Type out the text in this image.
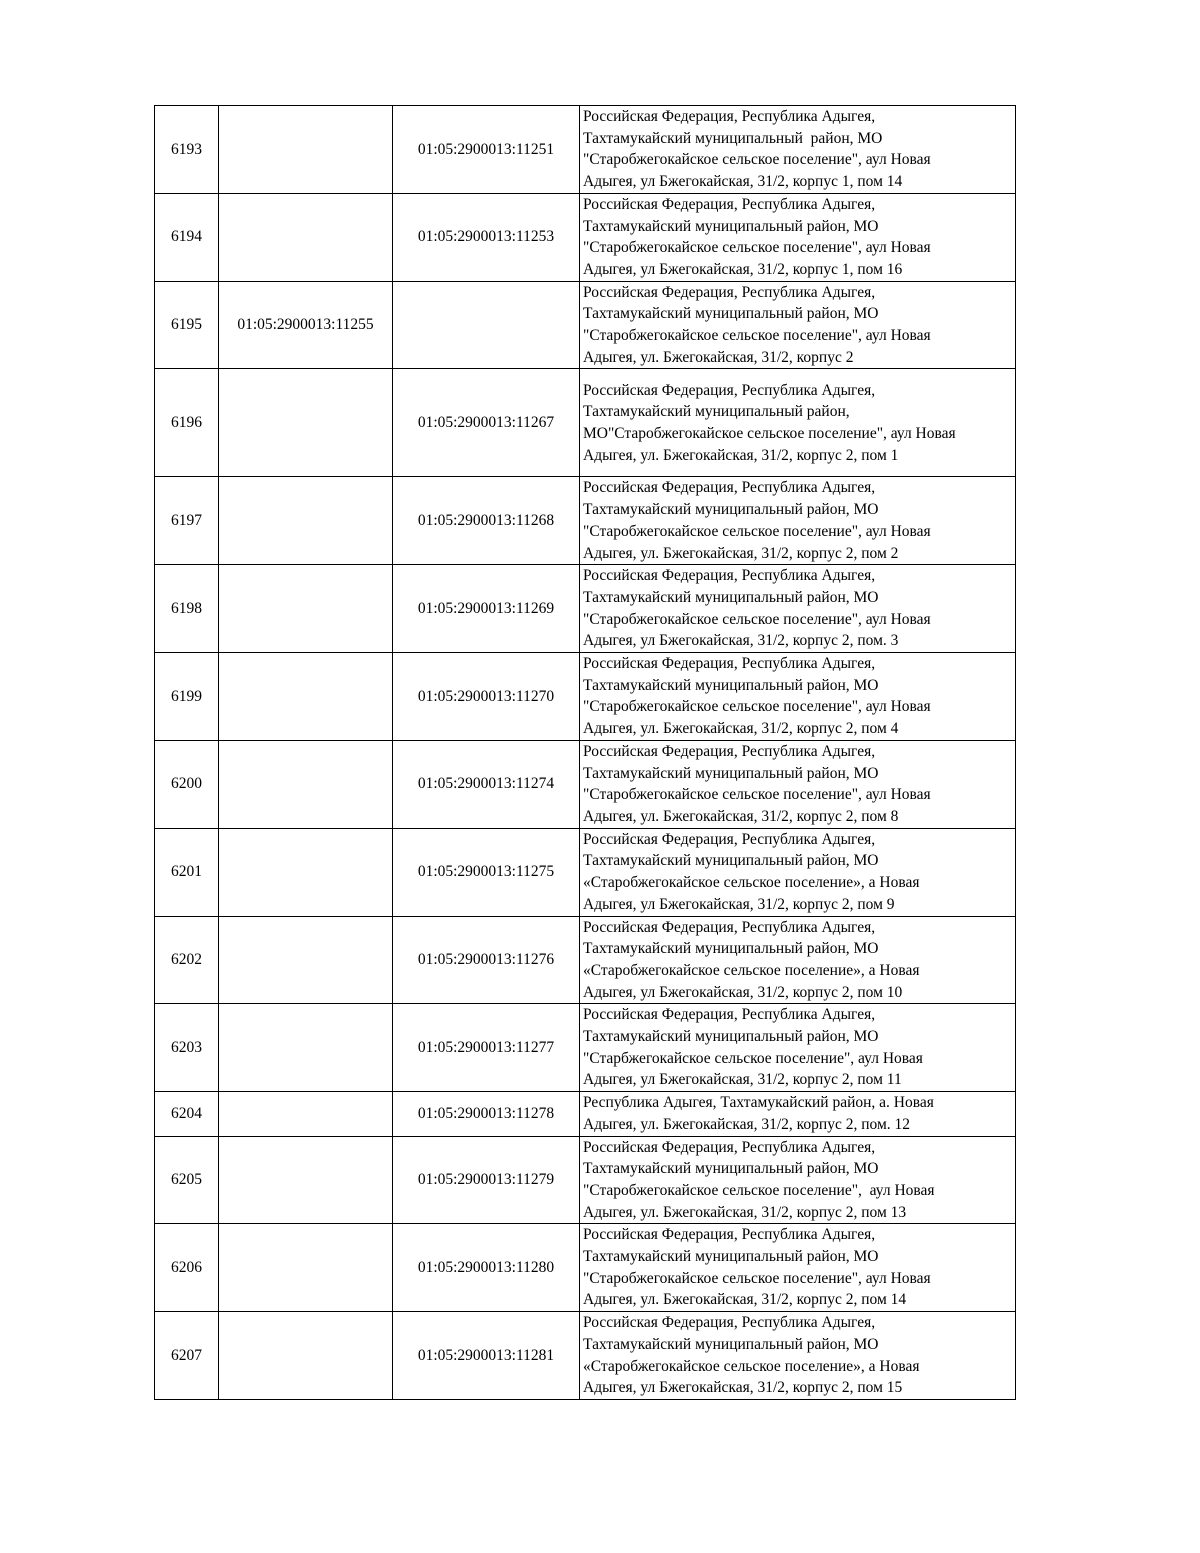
6193		01:05:2900013:11251	Российская Федерация, Республика Адыгея,
Тахтамукайский муниципальный  район, МО
"Старобжегокайское сельское поселение", аул Новая
Адыгея, ул Бжегокайская, 31/2, корпус 1, пом 14

6194		01:05:2900013:11253	Российская Федерация, Республика Адыгея,
Тахтамукайский муниципальный район, МО
"Старобжегокайское сельское поселение", аул Новая
Адыгея, ул Бжегокайская, 31/2, корпус 1, пом 16

6195	01:05:2900013:11255		Российская Федерация, Республика Адыгея,
Тахтамукайский муниципальный район, МО
"Старобжегокайское сельское поселение", аул Новая
Адыгея, ул. Бжегокайская, 31/2, корпус 2

6196		01:05:2900013:11267	Российская Федерация, Республика Адыгея,
Тахтамукайский муниципальный район,
МО"Старобжегокайское сельское поселение", аул Новая
Адыгея, ул. Бжегокайская, 31/2, корпус 2, пом 1

6197		01:05:2900013:11268	Российская Федерация, Республика Адыгея,
Тахтамукайский муниципальный район, МО
"Старобжегокайское сельское поселение", аул Новая
Адыгея, ул. Бжегокайская, 31/2, корпус 2, пом 2

6198		01:05:2900013:11269	Российская Федерация, Республика Адыгея,
Тахтамукайский муниципальный район, МО
"Старобжегокайское сельское поселение", аул Новая
Адыгея, ул Бжегокайская, 31/2, корпус 2, пом. 3

6199		01:05:2900013:11270	Российская Федерация, Республика Адыгея,
Тахтамукайский муниципальный район, МО
"Старобжегокайское сельское поселение", аул Новая
Адыгея, ул. Бжегокайская, 31/2, корпус 2, пом 4

6200		01:05:2900013:11274	Российская Федерация, Республика Адыгея,
Тахтамукайский муниципальный район, МО
"Старобжегокайское сельское поселение", аул Новая
Адыгея, ул. Бжегокайская, 31/2, корпус 2, пом 8

6201		01:05:2900013:11275	Российская Федерация, Республика Адыгея,
Тахтамукайский муниципальный район, МО
«Старобжегокайское сельское поселение», а Новая
Адыгея, ул Бжегокайская, 31/2, корпус 2, пом 9

6202		01:05:2900013:11276	Российская Федерация, Республика Адыгея,
Тахтамукайский муниципальный район, МО
«Старобжегокайское сельское поселение», а Новая
Адыгея, ул Бжегокайская, 31/2, корпус 2, пом 10

6203		01:05:2900013:11277	Российская Федерация, Республика Адыгея,
Тахтамукайский муниципальный район, МО
"Старбжегокайское сельское поселение", аул Новая
Адыгея, ул Бжегокайская, 31/2, корпус 2, пом 11

6204		01:05:2900013:11278	Республика Адыгея, Тахтамукайский район, а. Новая
Адыгея, ул. Бжегокайская, 31/2, корпус 2, пом. 12

6205		01:05:2900013:11279	Российская Федерация, Республика Адыгея,
Тахтамукайский муниципальный район, МО
"Старобжегокайское сельское поселение",  аул Новая
Адыгея, ул. Бжегокайская, 31/2, корпус 2, пом 13

6206		01:05:2900013:11280	Российская Федерация, Республика Адыгея,
Тахтамукайский муниципальный район, МО
"Старобжегокайское сельское поселение", аул Новая
Адыгея, ул. Бжегокайская, 31/2, корпус 2, пом 14

6207		01:05:2900013:11281	Российская Федерация, Республика Адыгея,
Тахтамукайский муниципальный район, МО
«Старобжегокайское сельское поселение», а Новая
Адыгея, ул Бжегокайская, 31/2, корпус 2, пом 15
